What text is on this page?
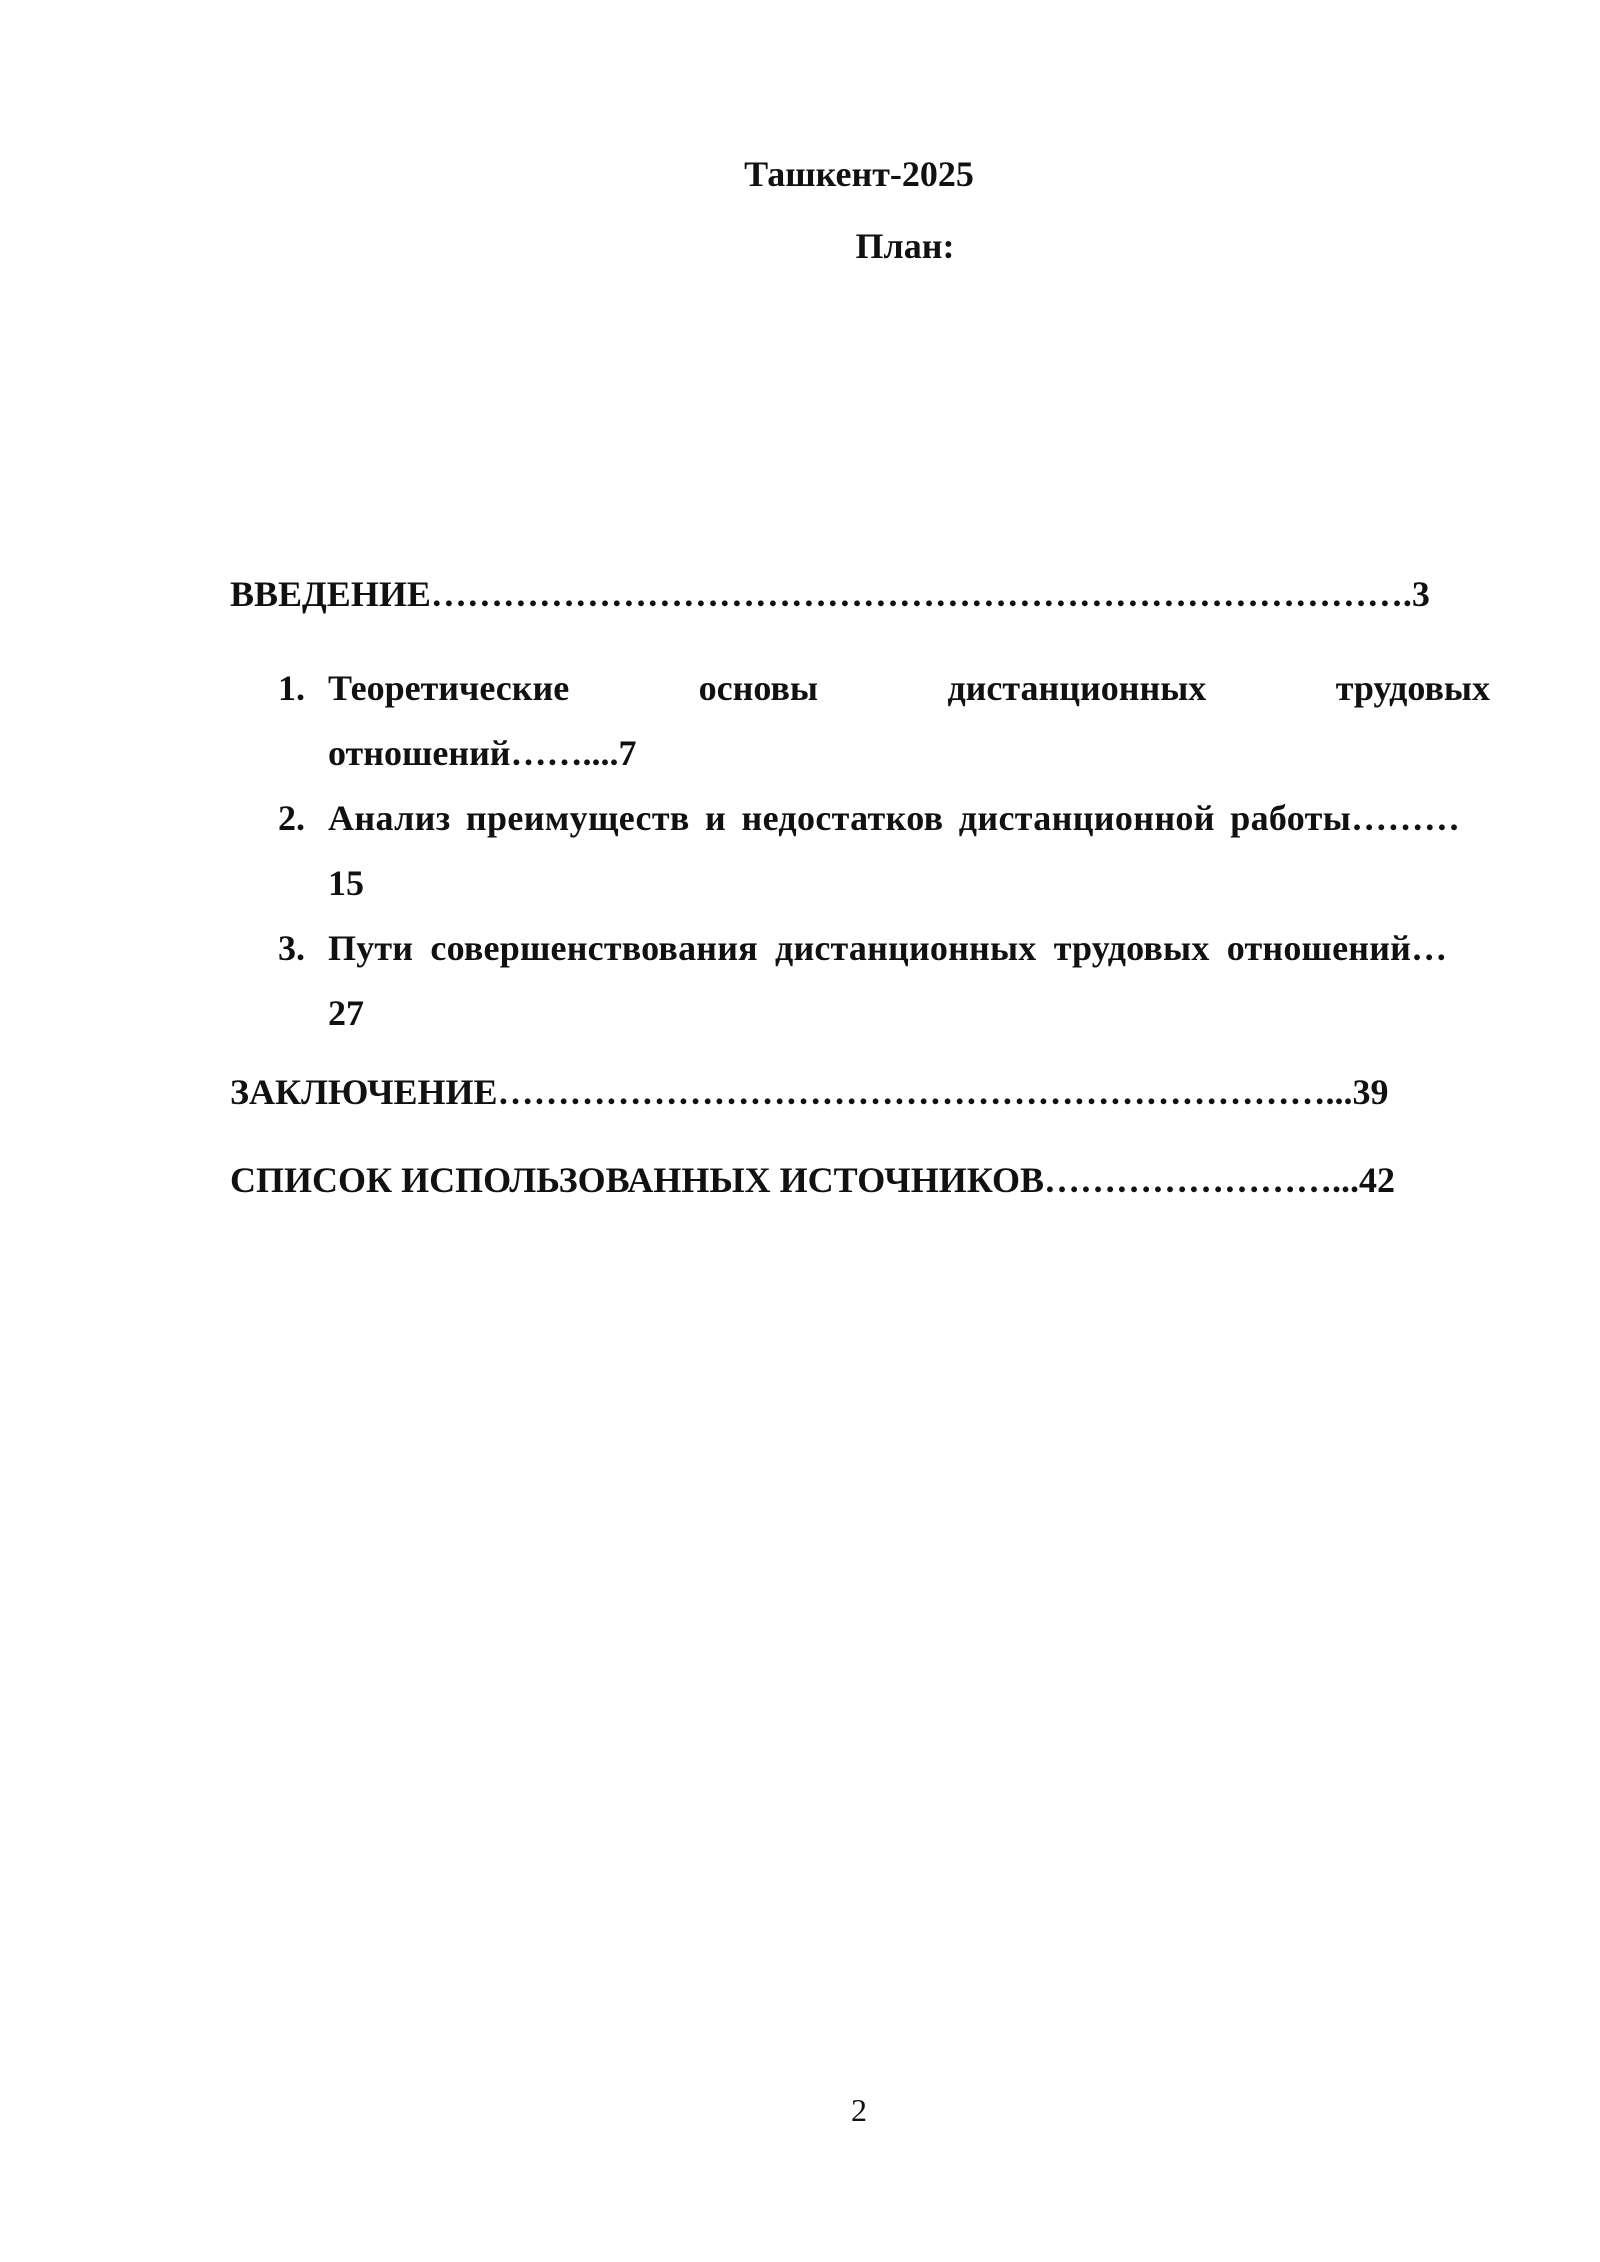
Ташкент-2025
План:
ВВЕДЕНИЕ……………………………………………………………………….3
1. Теоретические	основы	дистанционных	трудовых
отношений……....7
2. Анализ преимуществ и недостатков дистанционной работы………
15
3. Пути совершенствования дистанционных трудовых отношений…
27
ЗАКЛЮЧЕНИЕ……………………………………………………………...39
СПИСОК ИСПОЛЬЗОВАННЫХ ИСТОЧНИКОВ……………………...42
2
